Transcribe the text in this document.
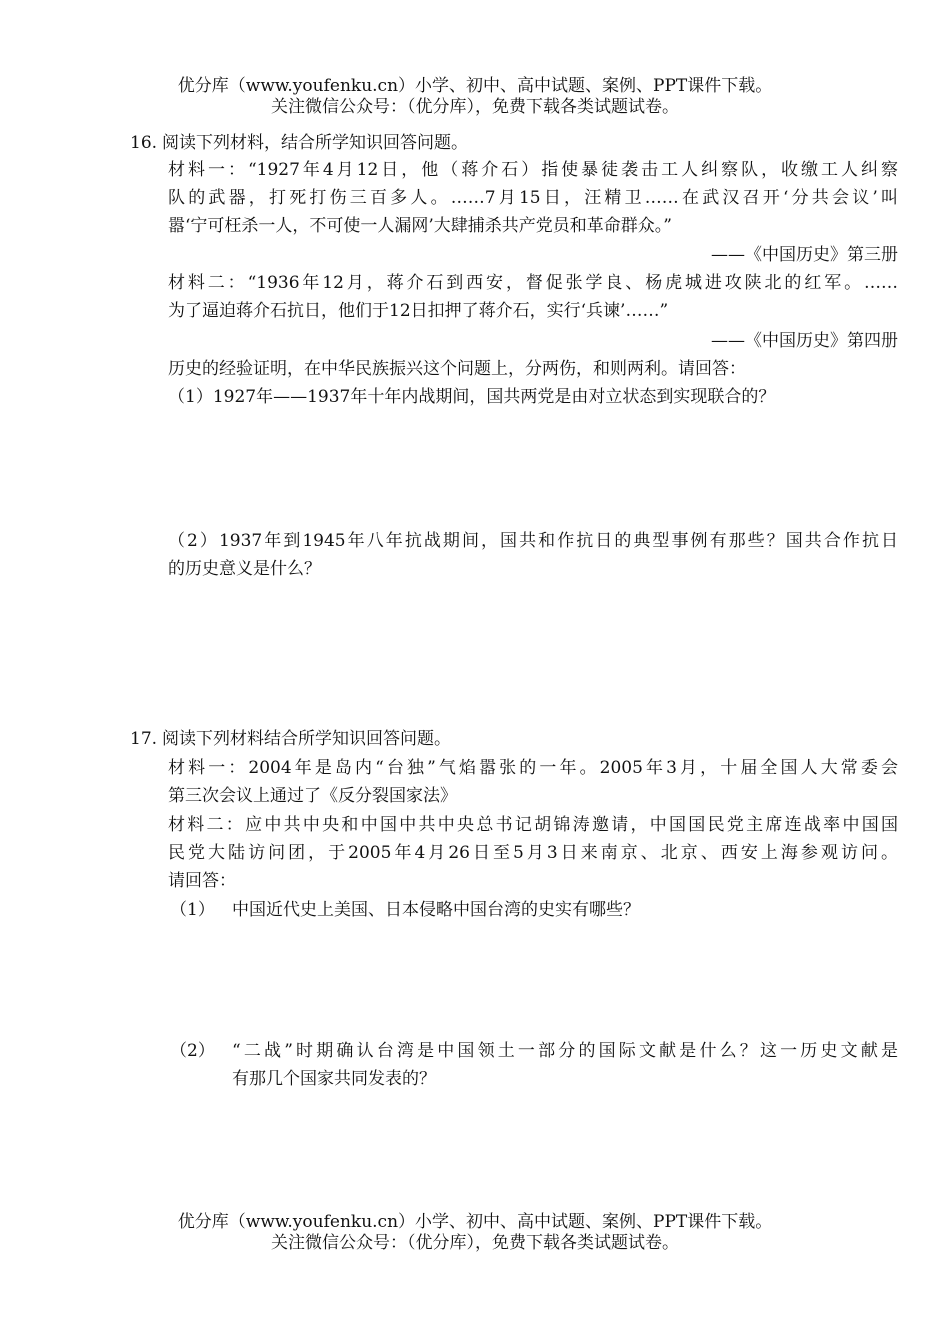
优分库（www.youfenku.cn）小学、初中、高中试题、案例、PPT课件下载。
关注微信公众号：（优分库），免费下载各类试题试卷。
16. 阅读下列材料，结合所学知识回答问题。
材料一：“1927年4月12日，他（蒋介石）指使暴徒袭击工人纠察队，收缴工人纠察
队的武器，打死打伤三百多人。……7月15日，汪精卫……在武汉召开‘分共会议’叫
嚣‘宁可枉杀一人，不可使一人漏网’大肆捕杀共产党员和革命群众。”
——《中国历史》第三册
材料二：“1936年12月，蒋介石到西安，督促张学良、杨虎城进攻陕北的红军。……
为了逼迫蒋介石抗日，他们于12日扣押了蒋介石，实行‘兵谏’……”
——《中国历史》第四册
历史的经验证明，在中华民族振兴这个问题上，分两伤，和则两利。请回答：
（1）1927年——1937年十年内战期间，国共两党是由对立状态到实现联合的？
（2）1937年到1945年八年抗战期间，国共和作抗日的典型事例有那些？国共合作抗日
的历史意义是什么？
17. 阅读下列材料结合所学知识回答问题。
材料一：2004年是岛内“台独”气焰嚣张的一年。2005年3月，十届全国人大常委会
第三次会议上通过了《反分裂国家法》
材料二：应中共中央和中国中共中央总书记胡锦涛邀请，中国国民党主席连战率中国国
民党大陆访问团，于2005年4月26日至5月3日来南京、北京、西安上海参观访问。
请回答：
（1） 中国近代史上美国、日本侵略中国台湾的史实有哪些？
（2） “二战”时期确认台湾是中国领土一部分的国际文献是什么？这一历史文献是
有那几个国家共同发表的？
优分库（www.youfenku.cn）小学、初中、高中试题、案例、PPT课件下载。
关注微信公众号：（优分库），免费下载各类试题试卷。
